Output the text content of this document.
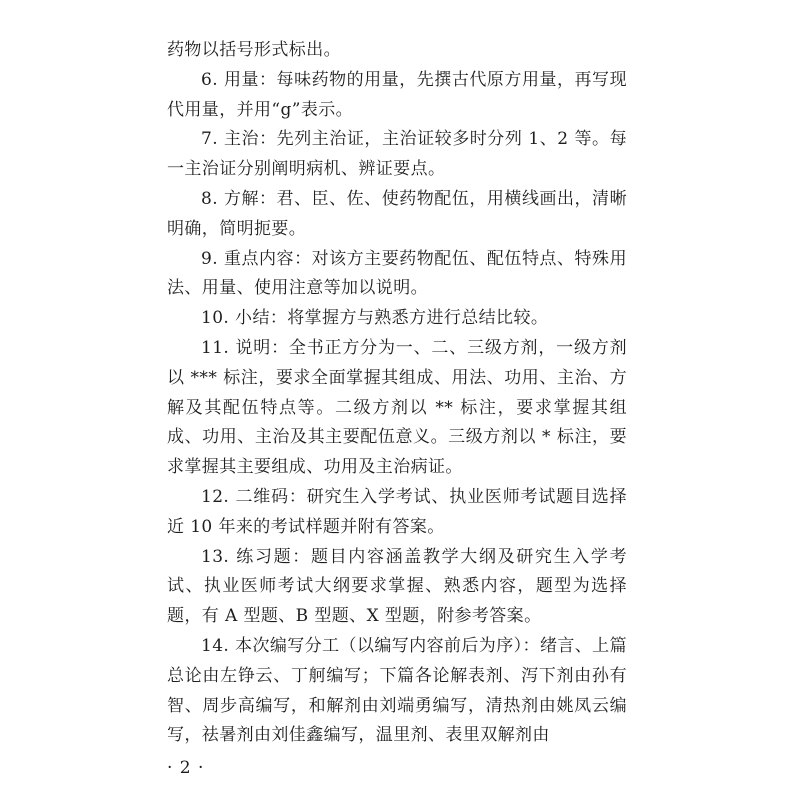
药物以括号形式标出。

6. 用量：每味药物的用量，先撰古代原方用量，再写现代用量，并用“g”表示。

7. 主治：先列主治证，主治证较多时分列 1、2 等。每一主治证分别阐明病机、辨证要点。

8. 方解：君、臣、佐、使药物配伍，用横线画出，清晰明确，简明扼要。

9. 重点内容：对该方主要药物配伍、配伍特点、特殊用法、用量、使用注意等加以说明。

10. 小结：将掌握方与熟悉方进行总结比较。

11. 说明：全书正方分为一、二、三级方剂，一级方剂以 *** 标注，要求全面掌握其组成、用法、功用、主治、方解及其配伍特点等。二级方剂以 ** 标注，要求掌握其组成、功用、主治及其主要配伍意义。三级方剂以 * 标注，要求掌握其主要组成、功用及主治病证。

12. 二维码：研究生入学考试、执业医师考试题目选择近 10 年来的考试样题并附有答案。

13. 练习题：题目内容涵盖教学大纲及研究生入学考试、执业医师考试大纲要求掌握、熟悉内容，题型为选择题，有 A 型题、B 型题、X 型题，附参考答案。

14. 本次编写分工（以编写内容前后为序）：绪言、上篇总论由左铮云、丁舸编写；下篇各论解表剂、泻下剂由孙有智、周步高编写，和解剂由刘端勇编写，清热剂由姚凤云编写，祛暑剂由刘佳鑫编写，温里剂、表里双解剂由

· 2 ·
